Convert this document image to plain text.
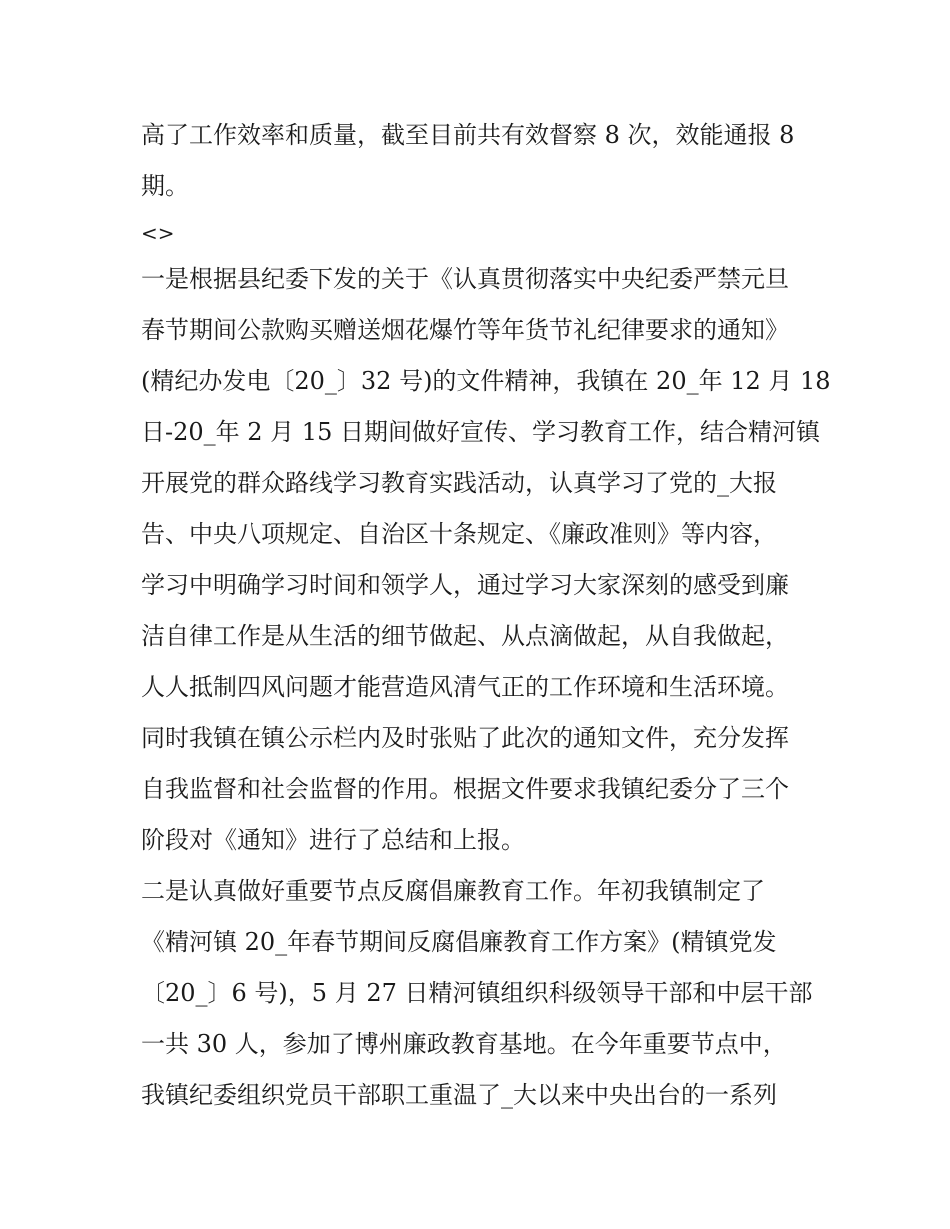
高了工作效率和质量，截至目前共有效督察 8 次，效能通报 8
期。
<>
一是根据县纪委下发的关于《认真贯彻落实中央纪委严禁元旦
春节期间公款购买赠送烟花爆竹等年货节礼纪律要求的通知》
(精纪办发电〔20_〕32 号)的文件精神，我镇在 20_年 12 月 18
日-20_年 2 月 15 日期间做好宣传、学习教育工作，结合精河镇
开展党的群众路线学习教育实践活动，认真学习了党的_大报
告、中央八项规定、自治区十条规定、《廉政准则》等内容，
学习中明确学习时间和领学人，通过学习大家深刻的感受到廉
洁自律工作是从生活的细节做起、从点滴做起，从自我做起，
人人抵制四风问题才能营造风清气正的工作环境和生活环境。
同时我镇在镇公示栏内及时张贴了此次的通知文件，充分发挥
自我监督和社会监督的作用。根据文件要求我镇纪委分了三个
阶段对《通知》进行了总结和上报。
二是认真做好重要节点反腐倡廉教育工作。年初我镇制定了
《精河镇 20_年春节期间反腐倡廉教育工作方案》(精镇党发
〔20_〕6 号)，5 月 27 日精河镇组织科级领导干部和中层干部
一共 30 人，参加了博州廉政教育基地。在今年重要节点中，
我镇纪委组织党员干部职工重温了_大以来中央出台的一系列
